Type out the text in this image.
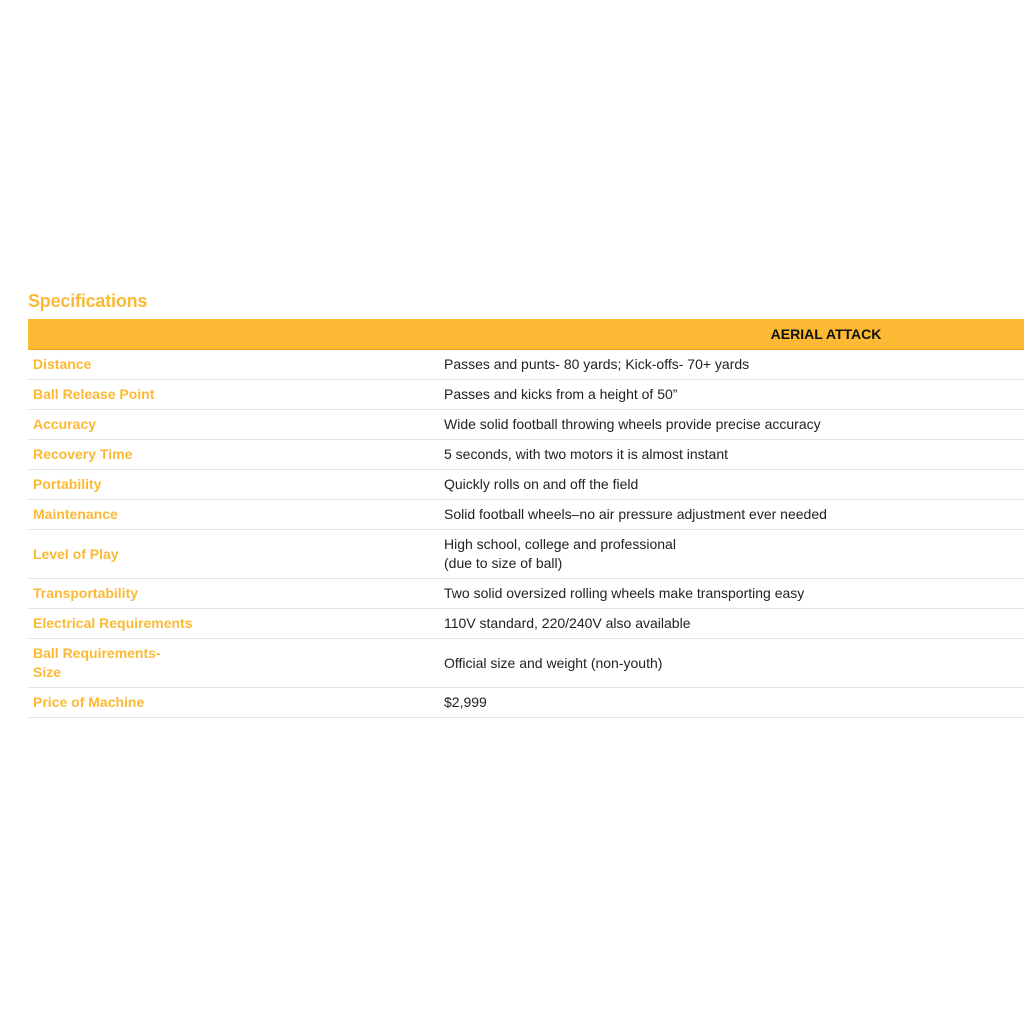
Specifications
	AERIAL ATTACK
Distance	Passes and punts- 80 yards; Kick-offs- 70+ yards
Ball Release Point	Passes and kicks from a height of 50”
Accuracy	Wide solid football throwing wheels provide precise accuracy
Recovery Time	5 seconds, with two motors it is almost instant
Portability	Quickly rolls on and off the field
Maintenance	Solid football wheels–no air pressure adjustment ever needed
Level of Play	High school, college and professional
(due to size of ball)
Transportability	Two solid oversized rolling wheels make transporting easy
Electrical Requirements	110V standard, 220/240V also available
Ball Requirements-
Size	Official size and weight (non-youth)
Price of Machine	$2,999
